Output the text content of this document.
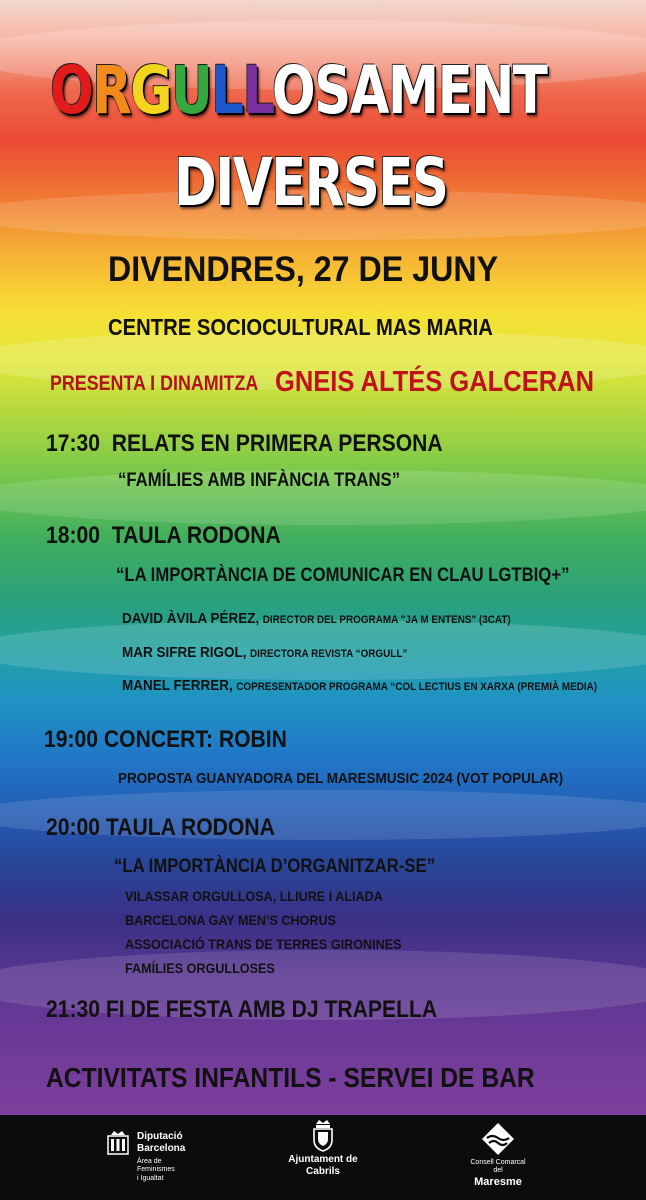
ORGULLOSAMENT
DIVERSES
DIVENDRES, 27 DE JUNY
CENTRE SOCIOCULTURAL MAS MARIA
PRESENTA I DINAMITZA GNEIS ALTÉS GALCERAN
17:30 RELATS EN PRIMERA PERSONA
“FAMÍLIES AMB INFÀNCIA TRANS”
18:00 TAULA RODONA
“LA IMPORTÀNCIA DE COMUNICAR EN CLAU LGTBIQ+”
DAVID ÀVILA PÉREZ, DIRECTOR DEL PROGRAMA "JA M ENTENS" (3CAT)
MAR SIFRE RIGOL, DIRECTORA REVISTA “ORGULL”
MANEL FERRER, COPRESENTADOR PROGRAMA “COL LECTIUS EN XARXA (PREMIÀ MEDIA)
19:00 CONCERT: ROBIN
PROPOSTA GUANYADORA DEL MARESMUSIC 2024 (VOT POPULAR)
20:00 TAULA RODONA
“LA IMPORTÀNCIA D’ORGANITZAR-SE”
VILASSAR ORGULLOSA, LLIURE I ALIADA
BARCELONA GAY MEN’S CHORUS
ASSOCIACIÓ TRANS DE TERRES GIRONINES
FAMÍLIES ORGULLOSES
21:30 FI DE FESTA AMB DJ TRAPELLA
ACTIVITATS INFANTILS - SERVEI DE BAR
Diputació
Barcelona
Àrea de Feminismes
i Igualtat
Ajuntament de
Cabrils
Consell Comarcal del
Maresme
